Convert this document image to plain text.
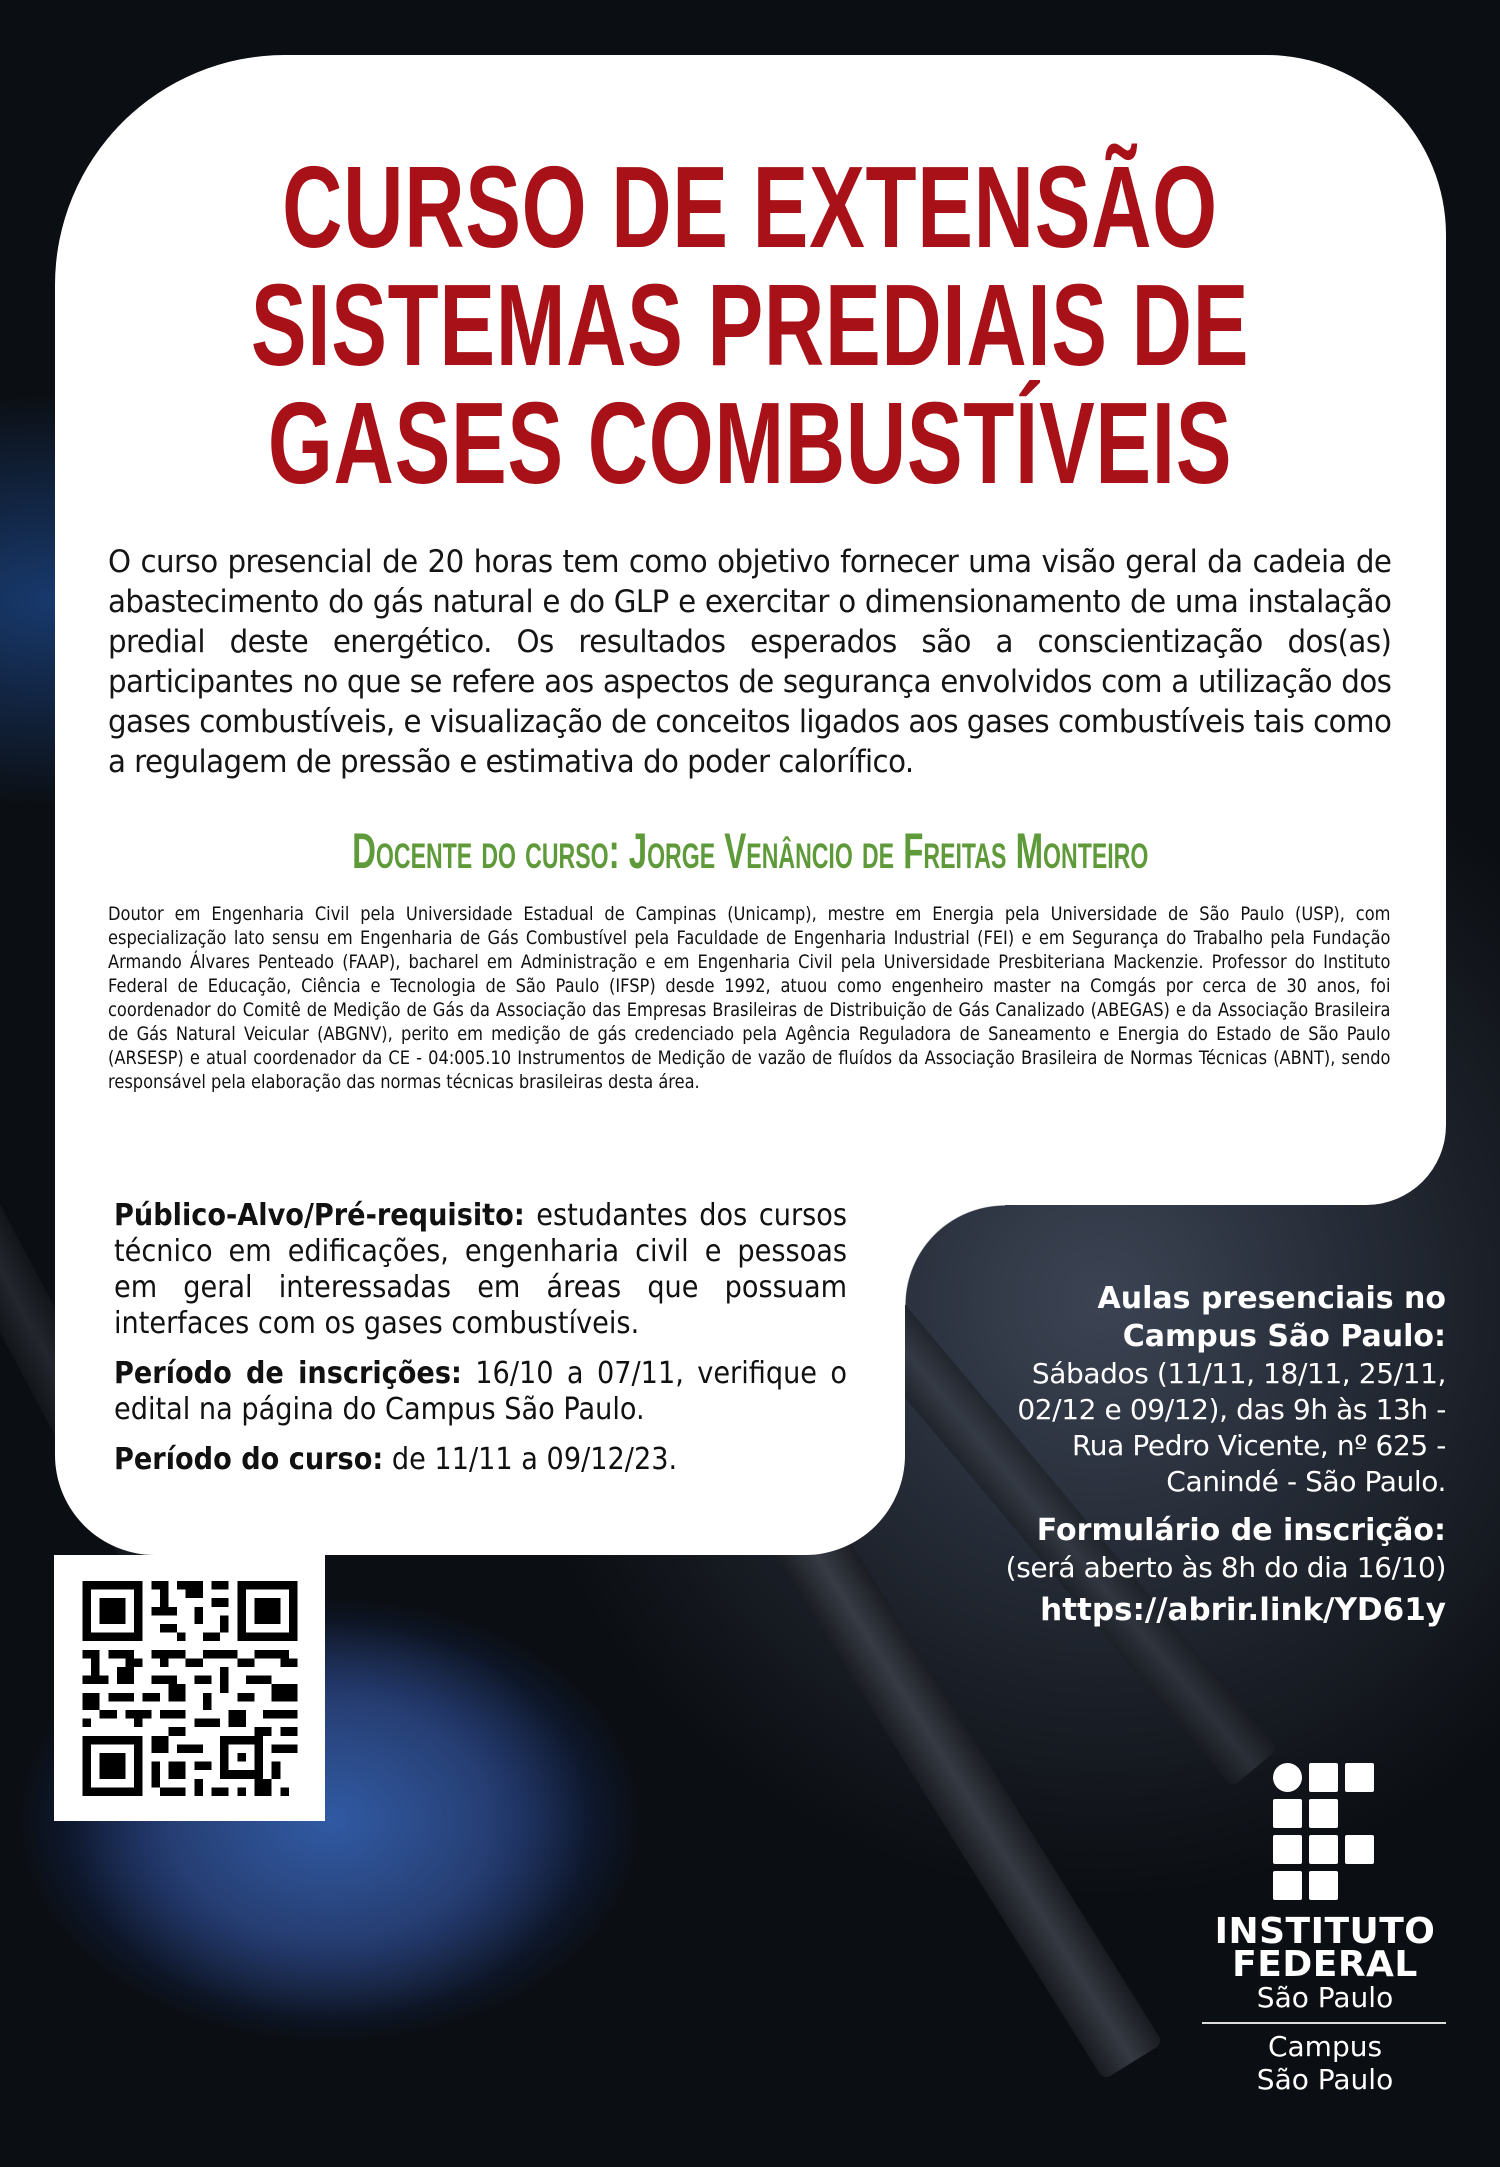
CURSO DE EXTENSÃO
SISTEMAS PREDIAIS DE
GASES COMBUSTÍVEIS

O curso presencial de 20 horas tem como objetivo fornecer uma visão geral da cadeia de abastecimento do gás natural e do GLP e exercitar o dimensionamento de uma instalação predial deste energético. Os resultados esperados são a conscientização dos(as) participantes no que se refere aos aspectos de segurança envolvidos com a utilização dos gases combustíveis, e visualização de conceitos ligados aos gases combustíveis tais como a regulagem de pressão e estimativa do poder calorífico.

Docente do curso: Jorge Venâncio de Freitas Monteiro

Doutor em Engenharia Civil pela Universidade Estadual de Campinas (Unicamp), mestre em Energia pela Universidade de São Paulo (USP), com especialização lato sensu em Engenharia de Gás Combustível pela Faculdade de Engenharia Industrial (FEI) e em Segurança do Trabalho pela Fundação Armando Álvares Penteado (FAAP), bacharel em Administração e em Engenharia Civil pela Universidade Presbiteriana Mackenzie. Professor do Instituto Federal de Educação, Ciência e Tecnologia de São Paulo (IFSP) desde 1992, atuou como engenheiro master na Comgás por cerca de 30 anos, foi coordenador do Comitê de Medição de Gás da Associação das Empresas Brasileiras de Distribuição de Gás Canalizado (ABEGAS) e da Associação Brasileira de Gás Natural Veicular (ABGNV), perito em medição de gás credenciado pela Agência Reguladora de Saneamento e Energia do Estado de São Paulo (ARSESP) e atual coordenador da CE - 04:005.10 Instrumentos de Medição de vazão de fluídos da Associação Brasileira de Normas Técnicas (ABNT), sendo responsável pela elaboração das normas técnicas brasileiras desta área.

Público-Alvo/Pré-requisito: estudantes dos cursos técnico em edificações, engenharia civil e pessoas em geral interessadas em áreas que possuam interfaces com os gases combustíveis.

Período de inscrições: 16/10 a 07/11, verifique o edital na página do Campus São Paulo.

Período do curso: de 11/11 a 09/12/23.

Aulas presenciais no
Campus São Paulo:
Sábados (11/11, 18/11, 25/11,
02/12 e 09/12), das 9h às 13h -
Rua Pedro Vicente, nº 625 -
Canindé - São Paulo.
Formulário de inscrição:
(será aberto às 8h do dia 16/10)
https://abrir.link/YD61y
INSTITUTO
FEDERAL
São Paulo
Campus
São Paulo
